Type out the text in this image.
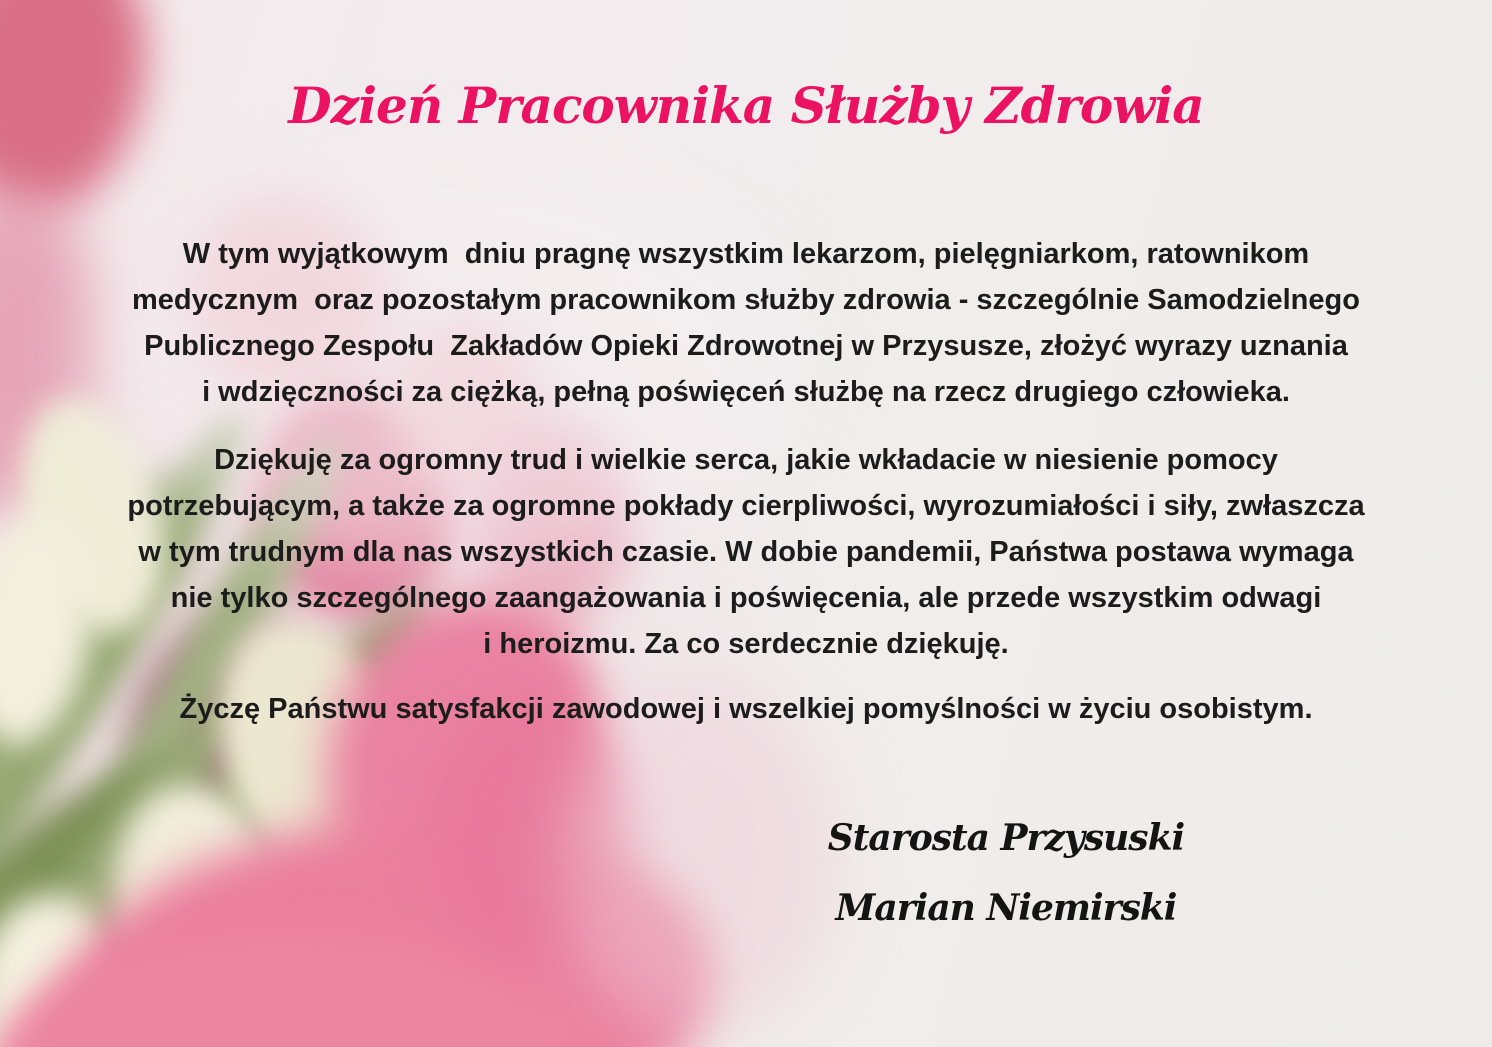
Dzień Pracownika Służby Zdrowia
W tym wyjątkowym  dniu pragnę wszystkim lekarzom, pielęgniarkom, ratownikom
medycznym  oraz pozostałym pracownikom służby zdrowia - szczególnie Samodzielnego
Publicznego Zespołu  Zakładów Opieki Zdrowotnej w Przysusze, złożyć wyrazy uznania
i wdzięczności za ciężką, pełną poświęceń służbę na rzecz drugiego człowieka.
Dziękuję za ogromny trud i wielkie serca, jakie wkładacie w niesienie pomocy
potrzebującym, a także za ogromne pokłady cierpliwości, wyrozumiałości i siły, zwłaszcza
w tym trudnym dla nas wszystkich czasie. W dobie pandemii, Państwa postawa wymaga
nie tylko szczególnego zaangażowania i poświęcenia, ale przede wszystkim odwagi
i heroizmu. Za co serdecznie dziękuję.
Życzę Państwu satysfakcji zawodowej i wszelkiej pomyślności w życiu osobistym.
Starosta Przysuski
Marian Niemirski
